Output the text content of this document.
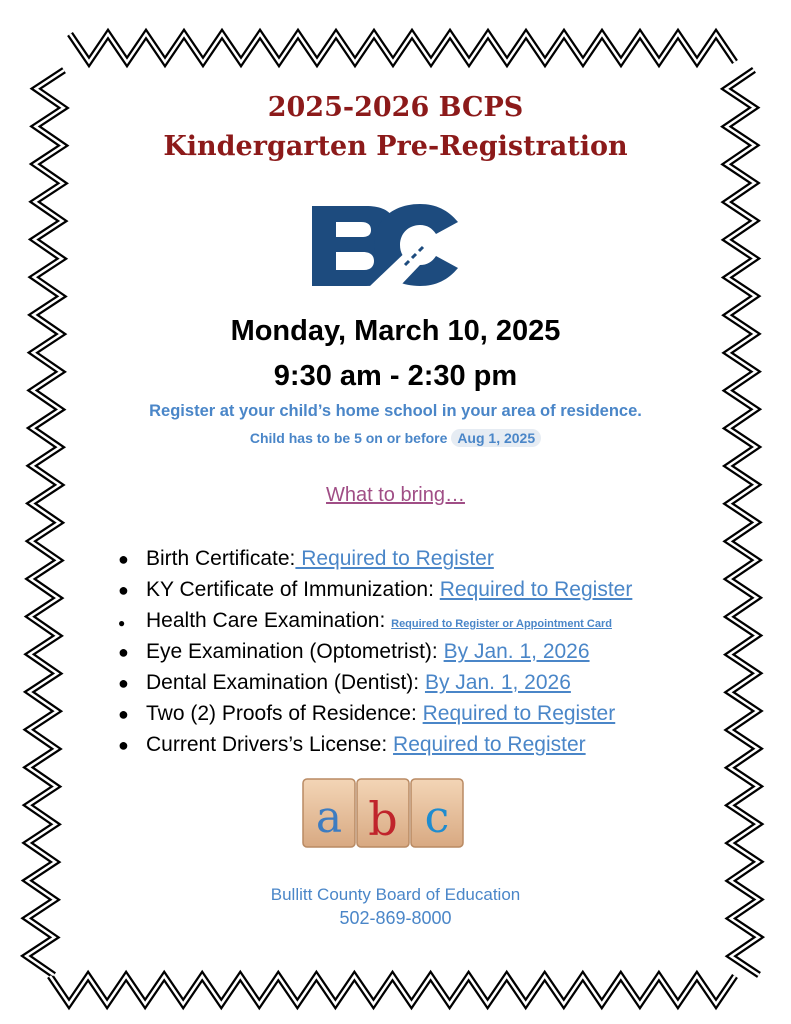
2025-2026 BCPS
Kindergarten Pre-Registration

Monday, March 10, 2025

9:30 am - 2:30 pm

Register at your child’s home school in your area of residence.

Child has to be 5 on or before Aug 1, 2025

What to bring…

● Birth Certificate: Required to Register
● KY Certificate of Immunization: Required to Register
● Health Care Examination: Required to Register or Appointment Card
● Eye Examination (Optometrist): By Jan. 1, 2026
● Dental Examination (Dentist): By Jan. 1, 2026
● Two (2) Proofs of Residence: Required to Register
● Current Drivers’s License: Required to Register
a b c

Bullitt County Board of Education

502-869-8000
